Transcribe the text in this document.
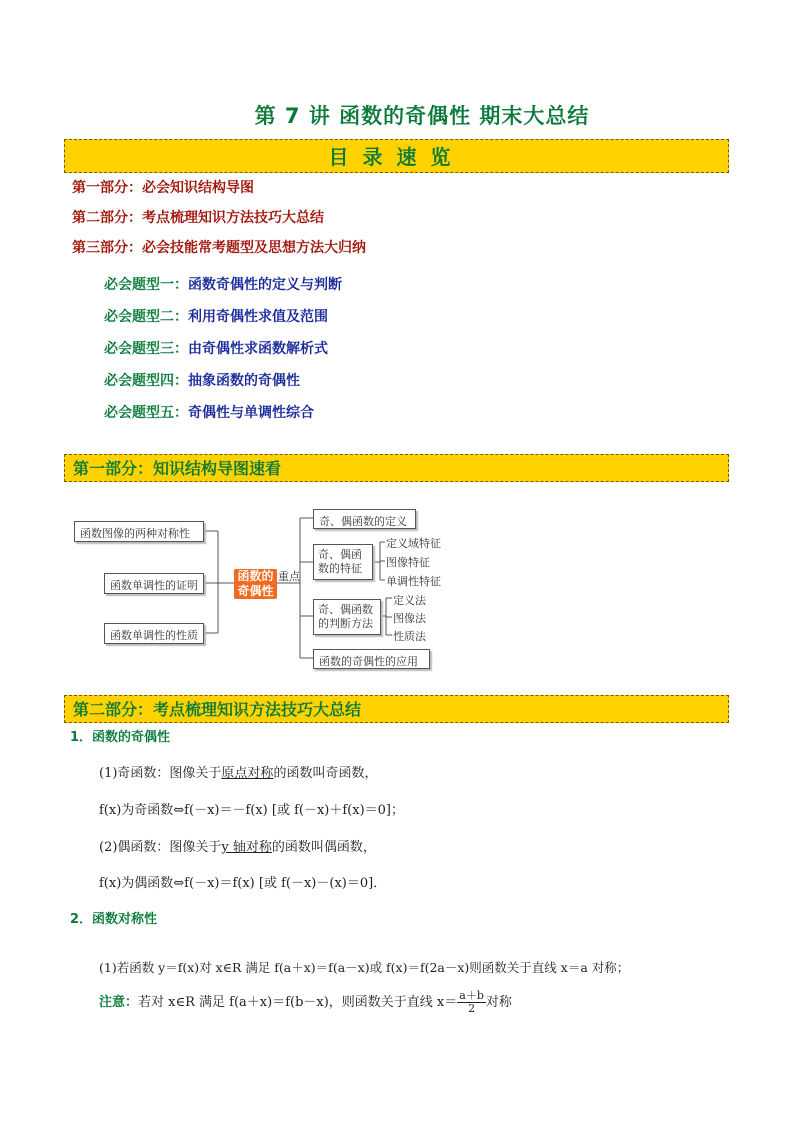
第 7 讲 函数的奇偶性 期末大总结
目录速览
第一部分：必会知识结构导图
第二部分：考点梳理知识方法技巧大总结
第三部分：必会技能常考题型及思想方法大归纳
必会题型一：函数奇偶性的定义与判断
必会题型二：利用奇偶性求值及范围
必会题型三：由奇偶性求函数解析式
必会题型四：抽象函数的奇偶性
必会题型五：奇偶性与单调性综合
第一部分：知识结构导图速看
函数图像的两种对称性
函数单调性的证明
函数单调性的性质
函数的奇偶性
重点
奇、偶函数的定义
奇、偶函数的特征
奇、偶函数的判断方法
函数的奇偶性的应用
定义域特征
图像特征
单调性特征
定义法
图像法
性质法
第二部分：考点梳理知识方法技巧大总结
1．函数的奇偶性
(1)奇函数：图像关于原点对称的函数叫奇函数，
f(x)为奇函数⇔f(－x)＝－f(x) [或 f(－x)＋f(x)＝0]；
(2)偶函数：图像关于y 轴对称的函数叫偶函数，
f(x)为偶函数⇔f(－x)＝f(x) [或 f(－x)－(x)＝0]．
2．函数对称性
(1)若函数 y＝f(x)对 x∈R 满足 f(a＋x)＝f(a－x)或 f(x)＝f(2a－x)则函数关于直线 x＝a 对称；
注意：若对 x∈R 满足 f(a＋x)＝f(b－x)，则函数关于直线 $x= \frac{a+b}{2}$ 对称
